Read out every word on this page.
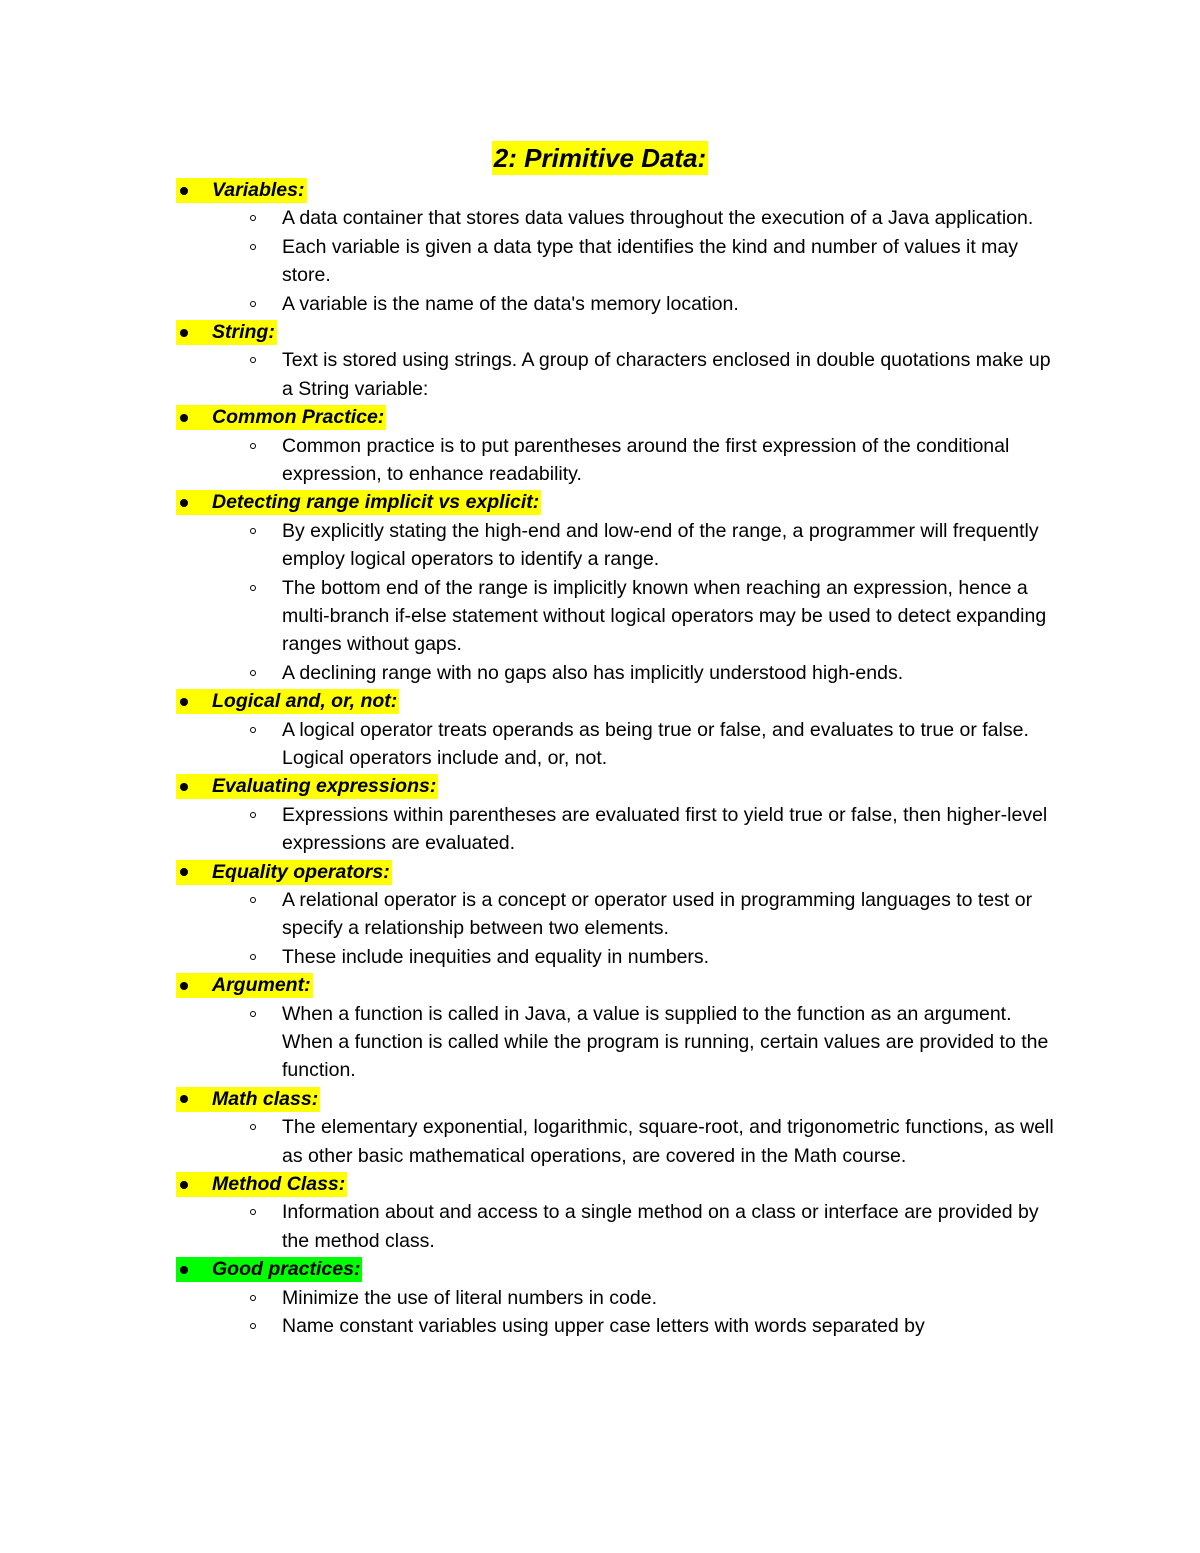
2: Primitive Data:
Variables:
A data container that stores data values throughout the execution of a Java application.
Each variable is given a data type that identifies the kind and number of values it may store.
A variable is the name of the data's memory location.
String:
Text is stored using strings. A group of characters enclosed in double quotations make up a String variable:
Common Practice:
Common practice is to put parentheses around the first expression of the conditional expression, to enhance readability.
Detecting range implicit vs explicit:
By explicitly stating the high-end and low-end of the range, a programmer will frequently employ logical operators to identify a range.
The bottom end of the range is implicitly known when reaching an expression, hence a multi-branch if-else statement without logical operators may be used to detect expanding ranges without gaps.
A declining range with no gaps also has implicitly understood high-ends.
Logical and, or, not:
A logical operator treats operands as being true or false, and evaluates to true or false. Logical operators include and, or, not.
Evaluating expressions:
Expressions within parentheses are evaluated first to yield true or false, then higher-level expressions are evaluated.
Equality operators:
A relational operator is a concept or operator used in programming languages to test or specify a relationship between two elements.
These include inequities and equality in numbers.
Argument:
When a function is called in Java, a value is supplied to the function as an argument. When a function is called while the program is running, certain values are provided to the function.
Math class:
The elementary exponential, logarithmic, square-root, and trigonometric functions, as well as other basic mathematical operations, are covered in the Math course.
Method Class:
Information about and access to a single method on a class or interface are provided by the method class.
Good practices:
Minimize the use of literal numbers in code.
Name constant variables using upper case letters with words separated by
